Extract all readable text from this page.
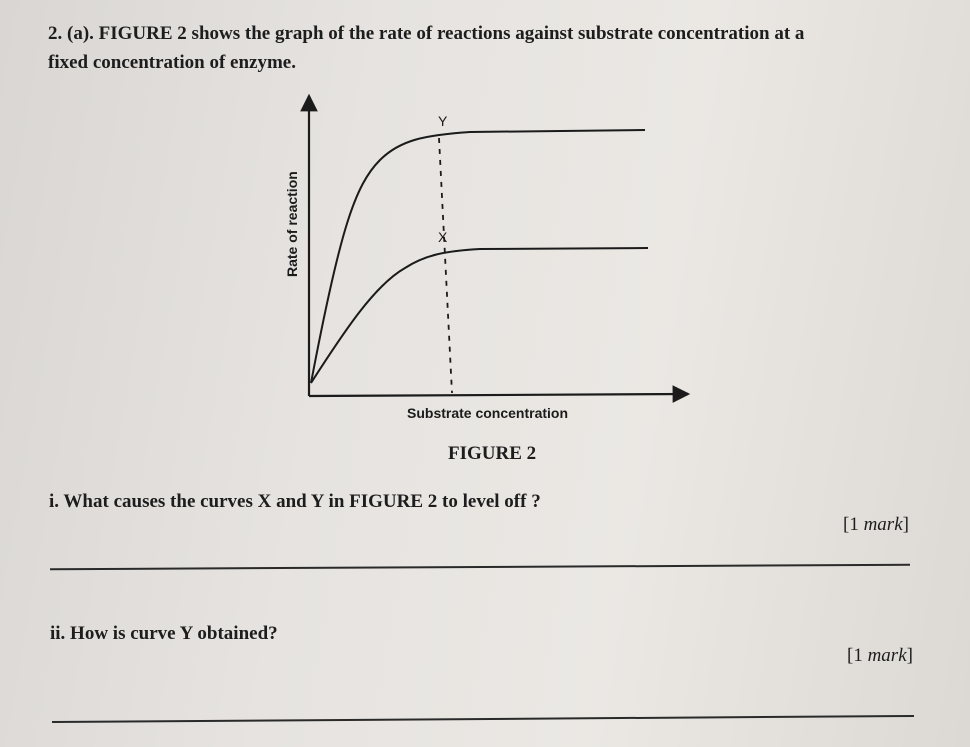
2. (a). FIGURE 2 shows the graph of the rate of reactions against substrate concentration at a
fixed concentration of enzyme.
Y
X
Rate of reaction
Substrate concentration
FIGURE 2
i. What causes the curves X and Y in FIGURE 2 to level off ?
[1 mark]
ii. How is curve Y obtained?
[1 mark]
